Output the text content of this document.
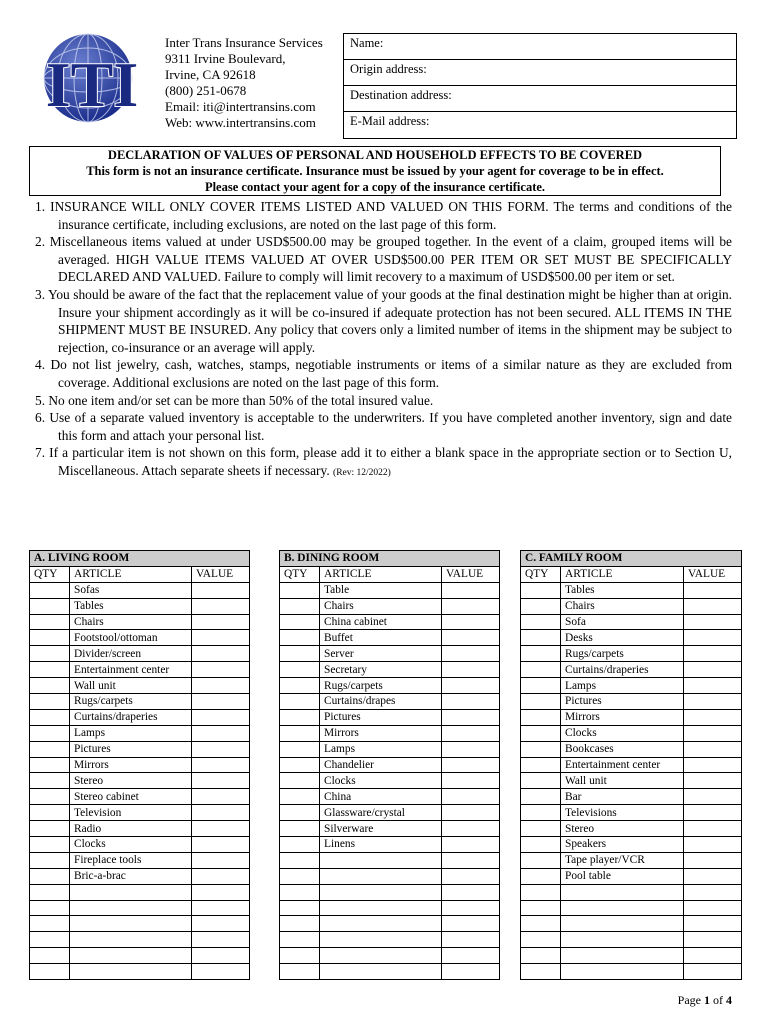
ITI
Inter Trans Insurance Services
9311 Irvine Boulevard,
Irvine, CA 92618
(800) 251-0678
Email: iti@intertransins.com
Web: www.intertransins.com
Name:
Origin address:
Destination address:
E-Mail address:
DECLARATION OF VALUES OF PERSONAL AND HOUSEHOLD EFFECTS TO BE COVERED
This form is not an insurance certificate. Insurance must be issued by your agent for coverage to be in effect.
Please contact your agent for a copy of the insurance certificate.
1. INSURANCE WILL ONLY COVER ITEMS LISTED AND VALUED ON THIS FORM. The terms and conditions of the insurance certificate, including exclusions, are noted on the last page of this form.
2. Miscellaneous items valued at under USD$500.00 may be grouped together. In the event of a claim, grouped items will be averaged. HIGH VALUE ITEMS VALUED AT OVER USD$500.00 PER ITEM OR SET MUST BE SPECIFICALLY DECLARED AND VALUED. Failure to comply will limit recovery to a maximum of USD$500.00 per item or set.
3. You should be aware of the fact that the replacement value of your goods at the final destination might be higher than at origin. Insure your shipment accordingly as it will be co-insured if adequate protection has not been secured. ALL ITEMS IN THE SHIPMENT MUST BE INSURED. Any policy that covers only a limited number of items in the shipment may be subject to rejection, co-insurance or an average will apply.
4. Do not list jewelry, cash, watches, stamps, negotiable instruments or items of a similar nature as they are excluded from coverage. Additional exclusions are noted on the last page of this form.
5. No one item and/or set can be more than 50% of the total insured value.
6. Use of a separate valued inventory is acceptable to the underwriters. If you have completed another inventory, sign and date this form and attach your personal list.
7. If a particular item is not shown on this form, please add it to either a blank space in the appropriate section or to Section U, Miscellaneous. Attach separate sheets if necessary. (Rev: 12/2022)
A. LIVING ROOM		
QTY	ARTICLE	VALUE
	Sofas	
	Tables	
	Chairs	
	Footstool/ottoman	
	Divider/screen	
	Entertainment center	
	Wall unit	
	Rugs/carpets	
	Curtains/draperies	
	Lamps	
	Pictures	
	Mirrors	
	Stereo	
	Stereo cabinet	
	Television	
	Radio	
	Clocks	
	Fireplace tools	
	Bric-a-brac	

B. DINING ROOM		
QTY	ARTICLE	VALUE
	Table	
	Chairs	
	China cabinet	
	Buffet	
	Server	
	Secretary	
	Rugs/carpets	
	Curtains/drapes	
	Pictures	
	Mirrors	
	Lamps	
	Chandelier	
	Clocks	
	China	
	Glassware/crystal	
	Silverware	
	Linens	

C. FAMILY ROOM		
QTY	ARTICLE	VALUE
	Tables	
	Chairs	
	Sofa	
	Desks	
	Rugs/carpets	
	Curtains/draperies	
	Lamps	
	Pictures	
	Mirrors	
	Clocks	
	Bookcases	
	Entertainment center	
	Wall unit	
	Bar	
	Televisions	
	Stereo	
	Speakers	
	Tape player/VCR	
	Pool table	

Page 1 of 4
